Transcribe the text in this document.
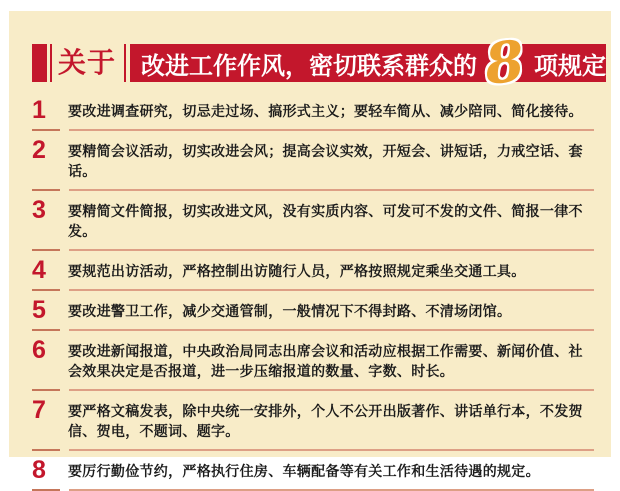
关于 改进工作作风，密切联系群众的 8 项规定
1	要改进调查研究，切忌走过场、搞形式主义；要轻车简从、减少陪同、简化接待。
2	要精简会议活动，切实改进会风；提高会议实效，开短会、讲短话，力戒空话、套话。
3	要精简文件简报，切实改进文风，没有实质内容、可发可不发的文件、简报一律不发。
4	要规范出访活动，严格控制出访随行人员，严格按照规定乘坐交通工具。
5	要改进警卫工作，减少交通管制，一般情况下不得封路、不清场闭馆。
6	要改进新闻报道，中央政治局同志出席会议和活动应根据工作需要、新闻价值、社会效果决定是否报道，进一步压缩报道的数量、字数、时长。
7	要严格文稿发表，除中央统一安排外，个人不公开出版著作、讲话单行本，不发贺信、贺电，不题词、题字。
8	要厉行勤俭节约，严格执行住房、车辆配备等有关工作和生活待遇的规定。
